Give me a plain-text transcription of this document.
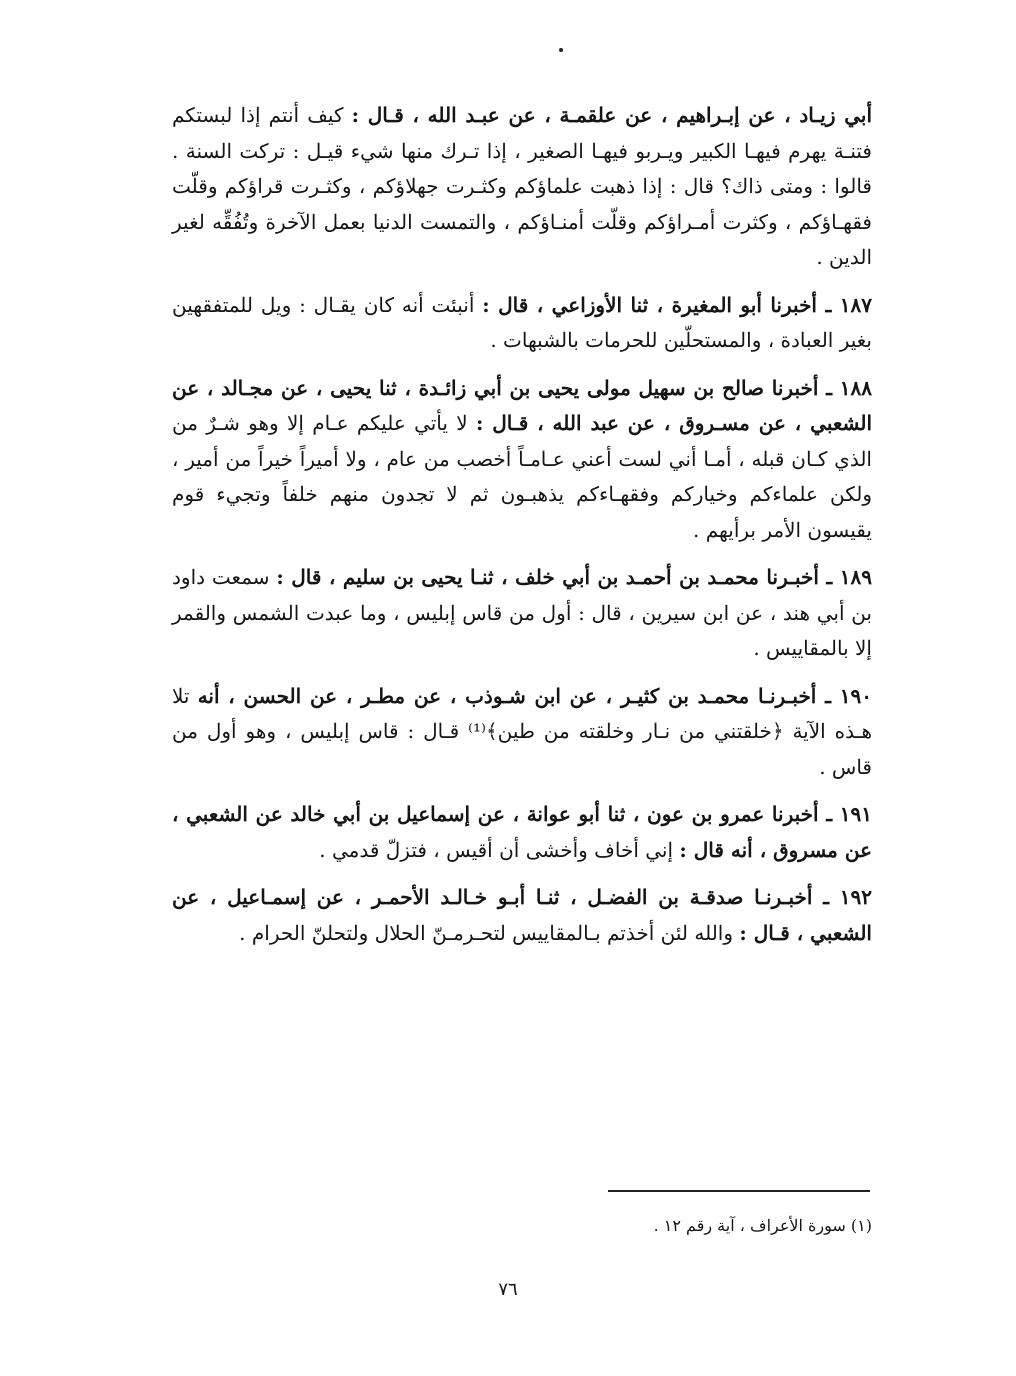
أبي زيـاد ، عن إبـراهيم ، عن علقمـة ، عن عبـد الله ، قـال : كيف أنتم إذا لبستكم فتنـة يهرم فيهـا الكبير ويـربو فيهـا الصغير ، إذا تـرك منها شيء قيـل : تركت السنة . قالوا : ومتى ذاك؟ قال : إذا ذهبت علماؤكم وكثـرت جهلاؤكم ، وكثـرت قراؤكم وقلّت فقهـاؤكم ، وكثرت أمـراؤكم وقلّت أمنـاؤكم ، والتمست الدنيا بعمل الآخرة وتُفُقِّه لغير الدين .

١٨٧ ـ أخبرنا أبو المغيرة ، ثنا الأوزاعي ، قال : أنبئت أنه كان يقـال : ويل للمتفقهين بغير العبادة ، والمستحلّين للحرمات بالشبهات .

١٨٨ ـ أخبرنا صالح بن سهيل مولى يحيى بن أبي زائـدة ، ثنا يحيى ، عن مجـالد ، عن الشعبي ، عن مسـروق ، عن عبد الله ، قـال : لا يأتي عليكم عـام إلا وهو شـرٌ من الذي كـان قبله ، أمـا أني لست أعني عـامـاً أخصب من عام ، ولا أميراً خيراً من أمير ، ولكن علماءكم وخياركم وفقهـاءكم يذهبـون ثم لا تجدون منهم خلفاً وتجيء قوم يقيسون الأمر برأيهم .

١٨٩ ـ أخبـرنا محمـد بن أحمـد بن أبي خلف ، ثنـا يحيى بن سليم ، قال : سمعت داود بن أبي هند ، عن ابن سيرين ، قال : أول من قاس إبليس ، وما عبدت الشمس والقمر إلا بالمقاييس .

١٩٠ ـ أخبـرنـا محمـد بن كثيـر ، عن ابن شـوذب ، عن مطـر ، عن الحسن ، أنه تلا هـذه الآية ﴿خلقتني من نـار وخلقته من طين﴾⁽¹⁾ قـال : قاس إبليس ، وهو أول من قاس .

١٩١ ـ أخبرنا عمرو بن عون ، ثنا أبو عوانة ، عن إسماعيل بن أبي خالد عن الشعبي ، عن مسروق ، أنه قال : إني أخاف وأخشى أن أقيس ، فتزلّ قدمي .

١٩٢ ـ أخبـرنـا صدقـة بن الفضـل ، ثنـا أبـو خـالـد الأحمـر ، عن إسمـاعيل ، عن الشعبي ، قـال : والله لئن أخذتم بـالمقاييس لتحـرمـنّ الحلال ولتحلنّ الحرام .

(١) سورة الأعراف ، آية رقم ١٢ .
٧٦
